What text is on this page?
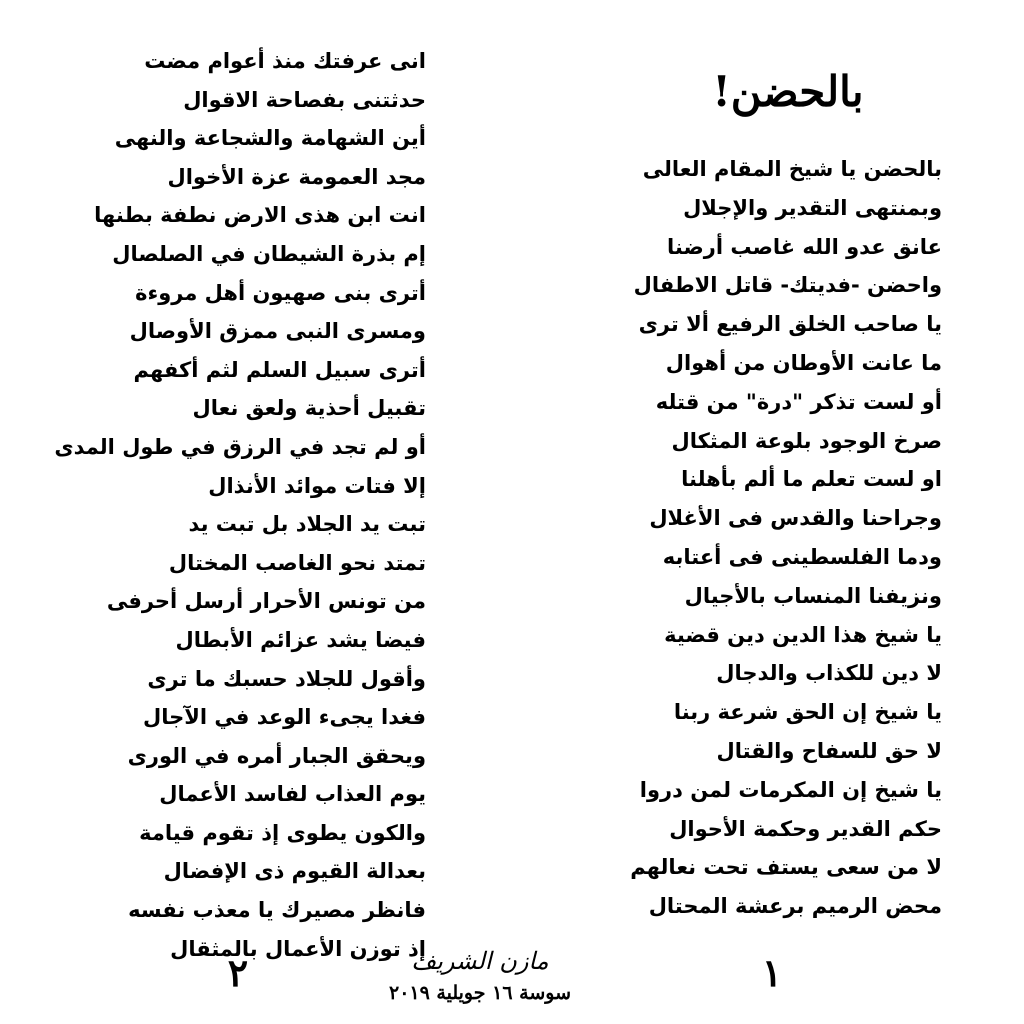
بالحضن!
بالحضن يا شيخ المقام العالى
وبمنتهى التقدير والإجلال
عانق عدو الله غاصب أرضنا
واحضن -فديتك- قاتل الاطفال
يا صاحب الخلق الرفيع ألا ترى
ما عانت الأوطان من أهوال
أو لست تذكر "درة" من قتله
صرخ الوجود بلوعة المثكال
او لست تعلم ما ألم بأهلنا
وجراحنا والقدس فى الأغلال
ودما الفلسطينى فى أعتابه
ونزيفنا المنساب بالأجيال
يا شيخ هذا الدين دين قضية
لا دين للكذاب والدجال
يا شيخ إن الحق شرعة ربنا
لا حق للسفاح والقتال
يا شيخ إن المكرمات لمن دروا
حكم القدير وحكمة الأحوال
لا من سعى يستف تحت نعالهم
محض الرميم برعشة المحتال
انى عرفتك منذ أعوام مضت
حدثتنى بفصاحة الاقوال
أين الشهامة والشجاعة والنهى
مجد العمومة عزة الأخوال
انت ابن هذى الارض نطفة بطنها
إم بذرة الشيطان في الصلصال
أترى بنى صهيون أهل مروءة
ومسرى النبى ممزق الأوصال
أترى سبيل السلم لثم أكفهم
تقبيل أحذية ولعق نعال
أو لم تجد في الرزق في طول المدى
إلا فتات موائد الأنذال
تبت يد الجلاد بل تبت يد
تمتد نحو الغاصب المختال
من تونس الأحرار أرسل أحرفى
فيضا يشد عزائم الأبطال
وأقول للجلاد حسبك ما ترى
فغدا يجىء الوعد في الآجال
ويحقق الجبار أمره في الورى
يوم العذاب لفاسد الأعمال
والكون يطوى إذ تقوم قيامة
بعدالة القيوم ذى الإفضال
فانظر مصيرك يا معذب نفسه
إذ توزن الأعمال بالمثقال
١
٢	مازن الشريف
سوسة ١٦ جويلية ٢٠١٩
